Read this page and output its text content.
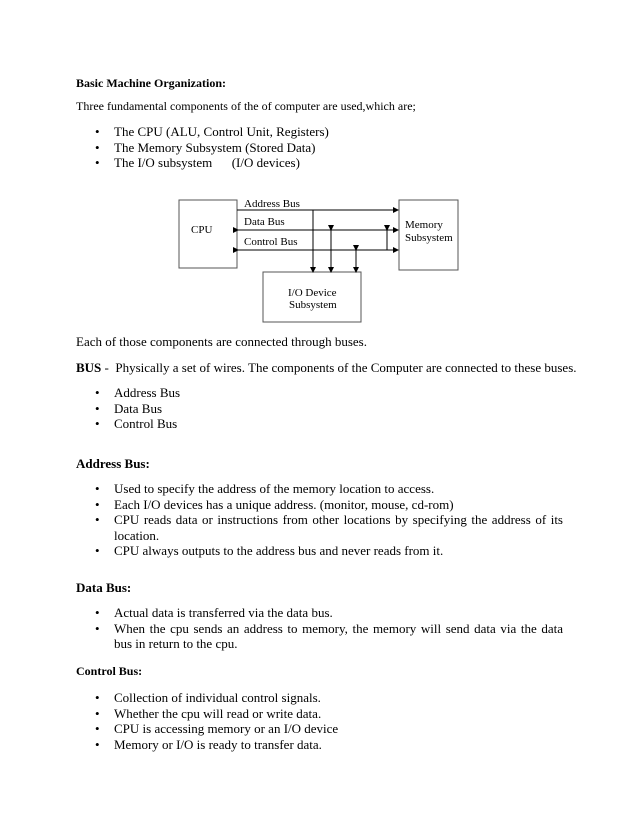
Basic Machine Organization:
Three fundamental components of the of computer are used,which are;
• The CPU (ALU, Control Unit, Registers)
• The Memory Subsystem (Stored Data)
• The I/O subsystem      (I/O devices)
CPU	Memory
Subsystem
I/O Device
Subsystem
Address Bus
Data Bus
Control Bus
Each of those components are connected through buses.
BUS -  Physically a set of wires. The components of the Computer are connected to these buses.
• Address Bus
• Data Bus
• Control Bus
Address Bus:
• Used to specify the address of the memory location to access.
• Each I/O devices has a unique address. (monitor, mouse, cd-rom)
• CPU reads data or instructions from other locations by specifying the address of its location.
• CPU always outputs to the address bus and never reads from it.
Data Bus:
• Actual data is transferred via the data bus.
• When the cpu sends an address to memory, the memory will send data via the data bus in return to the cpu.
Control Bus:
• Collection of individual control signals.
• Whether the cpu will read or write data.
• CPU is accessing memory or an I/O device
• Memory or I/O is ready to transfer data.
